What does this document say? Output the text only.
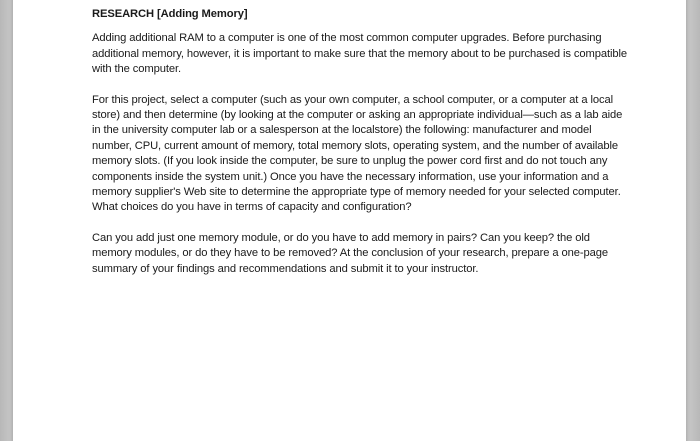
RESEARCH [Adding Memory]
Adding additional RAM to a computer is one of the most common computer upgrades. Before purchasing additional memory, however, it is important to make sure that the memory about to be purchased is compatible with the computer.
For this project, select a computer (such as your own computer, a school computer, or a computer at a local store) and then determine (by looking at the computer or asking an appropriate individual—such as a lab aide in the university computer lab or a salesperson at the localstore) the following: manufacturer and model number, CPU, current amount of memory, total memory slots, operating system, and the number of available memory slots. (If you look inside the computer, be sure to unplug the power cord first and do not touch any components inside the system unit.) Once you have the necessary information, use your information and a memory supplier's Web site to determine the appropriate type of memory needed for your selected computer. What choices do you have in terms of capacity and configuration?
Can you add just one memory module, or do you have to add memory in pairs? Can you keep? the old memory modules, or do they have to be removed? At the conclusion of your research, prepare a one-page summary of your findings and recommendations and submit it to your instructor.
